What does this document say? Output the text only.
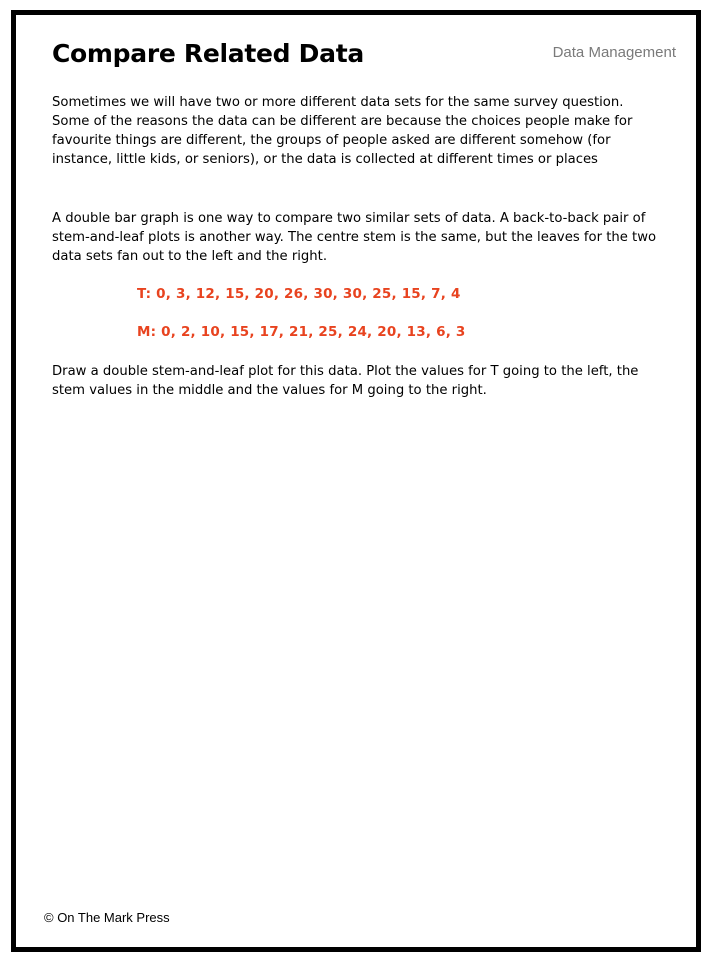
Compare Related Data	Data Management

Sometimes we will have two or more different data sets for the same survey question. Some of the reasons the data can be different are because the choices people make for favourite things are different, the groups of people asked are different somehow (for instance, little kids, or seniors), or the data is collected at different times or places

A double bar graph is one way to compare two similar sets of data. A back-to-back pair of stem-and-leaf plots is another way. The centre stem is the same, but the leaves for the two data sets fan out to the left and the right.

T: 0, 3, 12, 15, 20, 26, 30, 30, 25, 15, 7, 4

M: 0, 2, 10, 15, 17, 21, 25, 24, 20, 13, 6, 3

Draw a double stem-and-leaf plot for this data. Plot the values for T going to the left, the stem values in the middle and the values for M going to the right.

© On The Mark Press
